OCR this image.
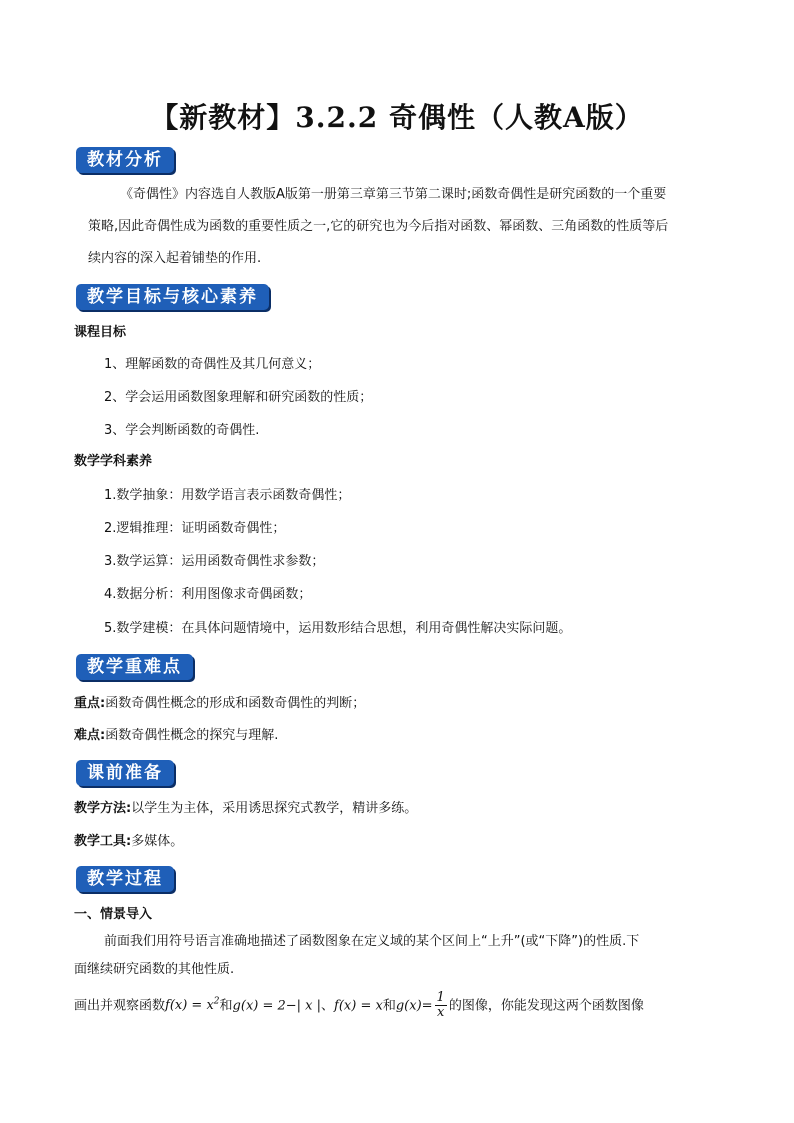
【新教材】3.2.2 奇偶性（人教A版）
教材分析
《奇偶性》内容选自人教版A版第一册第三章第三节第二课时;函数奇偶性是研究函数的一个重要
策略,因此奇偶性成为函数的重要性质之一,它的研究也为今后指对函数、幂函数、三角函数的性质等后
续内容的深入起着铺垫的作用.
教学目标与核心素养
课程目标
1、理解函数的奇偶性及其几何意义；
2、学会运用函数图象理解和研究函数的性质；
3、学会判断函数的奇偶性.
数学学科素养
1.数学抽象：用数学语言表示函数奇偶性；
2.逻辑推理：证明函数奇偶性；
3.数学运算：运用函数奇偶性求参数；
4.数据分析：利用图像求奇偶函数；
5.数学建模：在具体问题情境中，运用数形结合思想，利用奇偶性解决实际问题。
教学重难点
重点:函数奇偶性概念的形成和函数奇偶性的判断；
难点:函数奇偶性概念的探究与理解.
课前准备
教学方法:以学生为主体，采用诱思探究式教学，精讲多练。
教学工具:多媒体。
教学过程
一、情景导入
前面我们用符号语言准确地描述了函数图象在定义域的某个区间上“上升”(或“下降”)的性质.下
面继续研究函数的其他性质.
画出并观察函数$f(x) = x^2$和g(x) = 2−| x |、f(x) = x和$g(x)= \frac{1}{x}$ 的图像，你能发现这两个函数图像
